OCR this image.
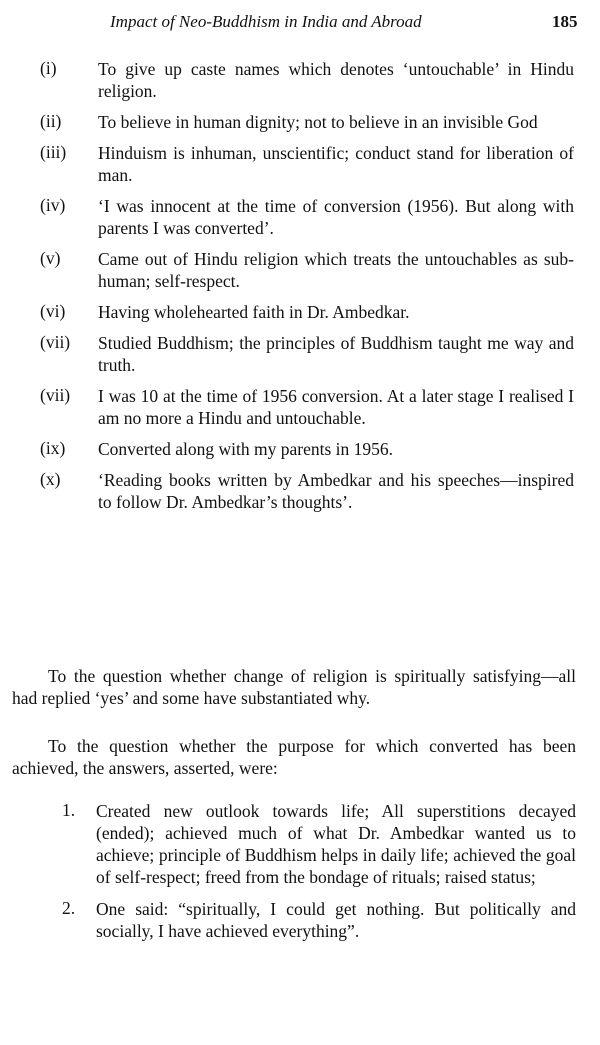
Impact of Neo-Buddhism in India and Abroad	185
(i)	To give up caste names which denotes ‘untouchable’ in Hindu religion.
(ii)	To believe in human dignity; not to believe in an invisible God
(iii)	Hinduism is inhuman, unscientific; conduct stand for liberation of man.
(iv)	‘I was innocent at the time of conversion (1956). But along with parents I was converted’.
(v)	Came out of Hindu religion which treats the untouchables as sub-human; self-respect.
(vi)	Having wholehearted faith in Dr. Ambedkar.
(vii)	Studied Buddhism; the principles of Buddhism taught me way and truth.
(vii)	I was 10 at the time of 1956 conversion. At a later stage I realised I am no more a Hindu and untouchable.
(ix)	Converted along with my parents in 1956.
(x)	‘Reading books written by Ambedkar and his speeches—inspired to follow Dr. Ambedkar’s thoughts’.

To the question whether change of religion is spiritually satisfying—all had replied ‘yes’ and some have substantiated why.

To the question whether the purpose for which converted has been achieved, the answers, asserted, were:

1. Created new outlook towards life; All superstitions decayed (ended); achieved much of what Dr. Ambedkar wanted us to achieve; principle of Buddhism helps in daily life; achieved the goal of self-respect; freed from the bondage of rituals; raised status;
2. One said: “spiritually, I could get nothing. But politically and socially, I have achieved everything”.
